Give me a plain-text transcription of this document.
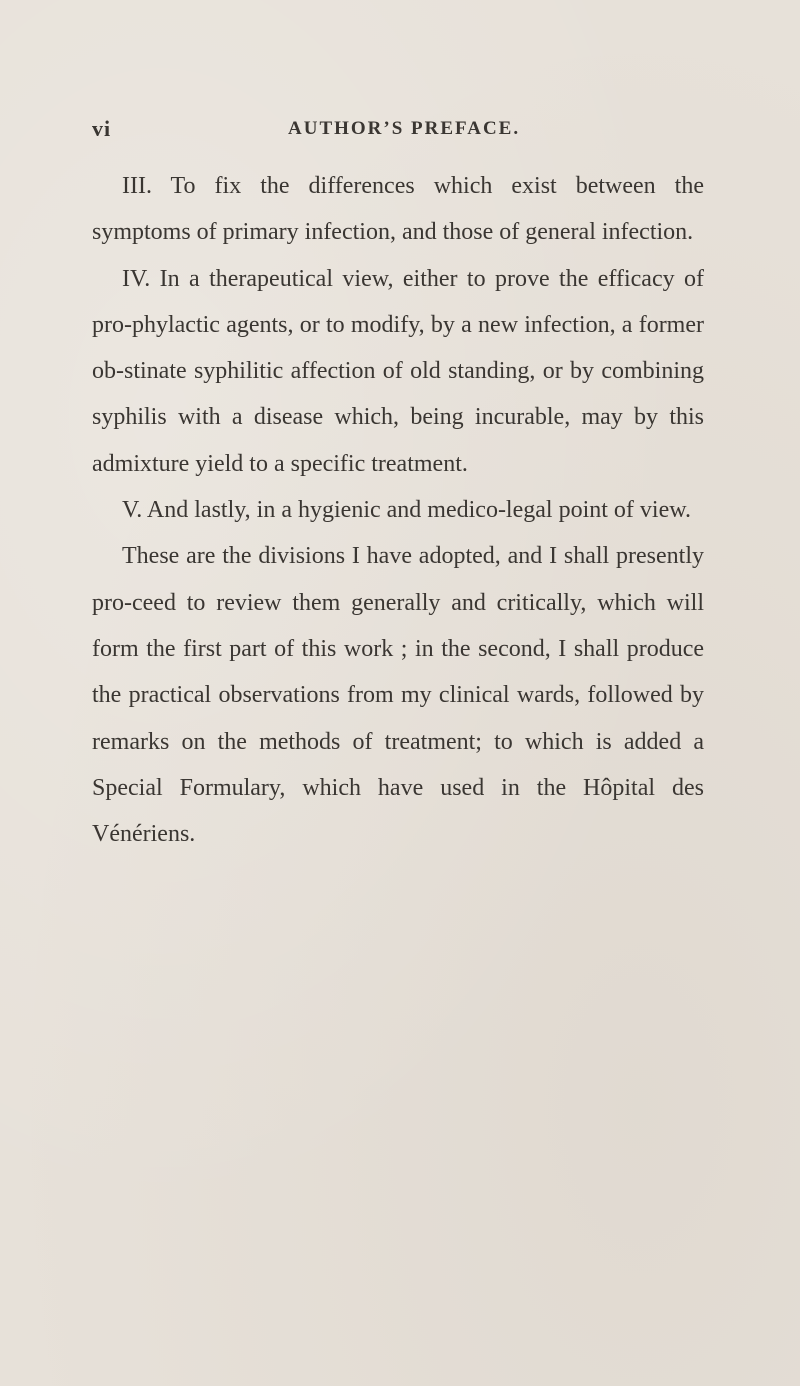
vi	AUTHOR’S PREFACE.

III. To fix the differences which exist between the symptoms of primary infection, and those of general infection.

IV. In a therapeutical view, either to prove the efficacy of pro-phylactic agents, or to modify, by a new infection, a former ob-stinate syphilitic affection of old standing, or by combining syphilis with a disease which, being incurable, may by this admixture yield to a specific treatment.

V. And lastly, in a hygienic and medico-legal point of view.

These are the divisions I have adopted, and I shall presently pro-ceed to review them generally and critically, which will form the first part of this work ; in the second, I shall produce the practical observations from my clinical wards, followed by remarks on the methods of treatment; to which is added a Special Formulary, which have used in the Hôpital des Vénériens.
